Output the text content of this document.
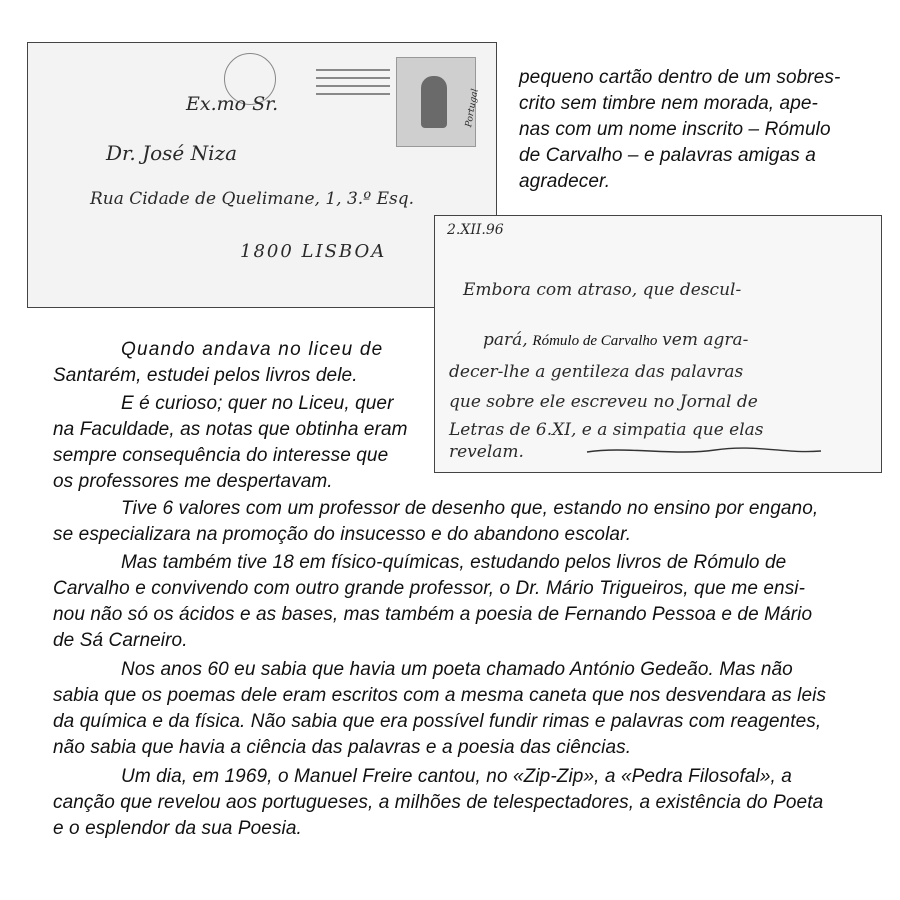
Portugal
Ex.mo Sr.
Dr. José Niza
Rua Cidade de Quelimane, 1, 3.º Esq.
1800 LISBOA
2.XII.96
Embora com atraso, que descul-
pará, Rómulo de Carvalho vem agra-
decer-lhe a gentileza das palavras
que sobre ele escreveu no Jornal de
Letras de 6.XI, e a simpatia que elas
revelam.

pequeno cartão dentro de um sobres-

crito sem timbre nem morada, ape-

nas com um nome inscrito – Rómulo

de Carvalho – e palavras amigas a

agradecer.

Quando andava no liceu de

Santarém, estudei pelos livros dele.

E é curioso; quer no Liceu, quer

na Faculdade, as notas que obtinha eram

sempre consequência do interesse que

os professores me despertavam.

Tive 6 valores com um professor de desenho que, estando no ensino por engano,

se especializara na promoção do insucesso e do abandono escolar.

Mas também tive 18 em físico-químicas, estudando pelos livros de Rómulo de

Carvalho e convivendo com outro grande professor, o Dr. Mário Trigueiros, que me ensi-

nou não só os ácidos e as bases, mas também a poesia de Fernando Pessoa e de Mário

de Sá Carneiro.

Nos anos 60 eu sabia que havia um poeta chamado António Gedeão. Mas não

sabia que os poemas dele eram escritos com a mesma caneta que nos desvendara as leis

da química e da física. Não sabia que era possível fundir rimas e palavras com reagentes,

não sabia que havia a ciência das palavras e a poesia das ciências.

Um dia, em 1969, o Manuel Freire cantou, no «Zip-Zip», a «Pedra Filosofal», a

canção que revelou aos portugueses, a milhões de telespectadores, a existência do Poeta

e o esplendor da sua Poesia.
